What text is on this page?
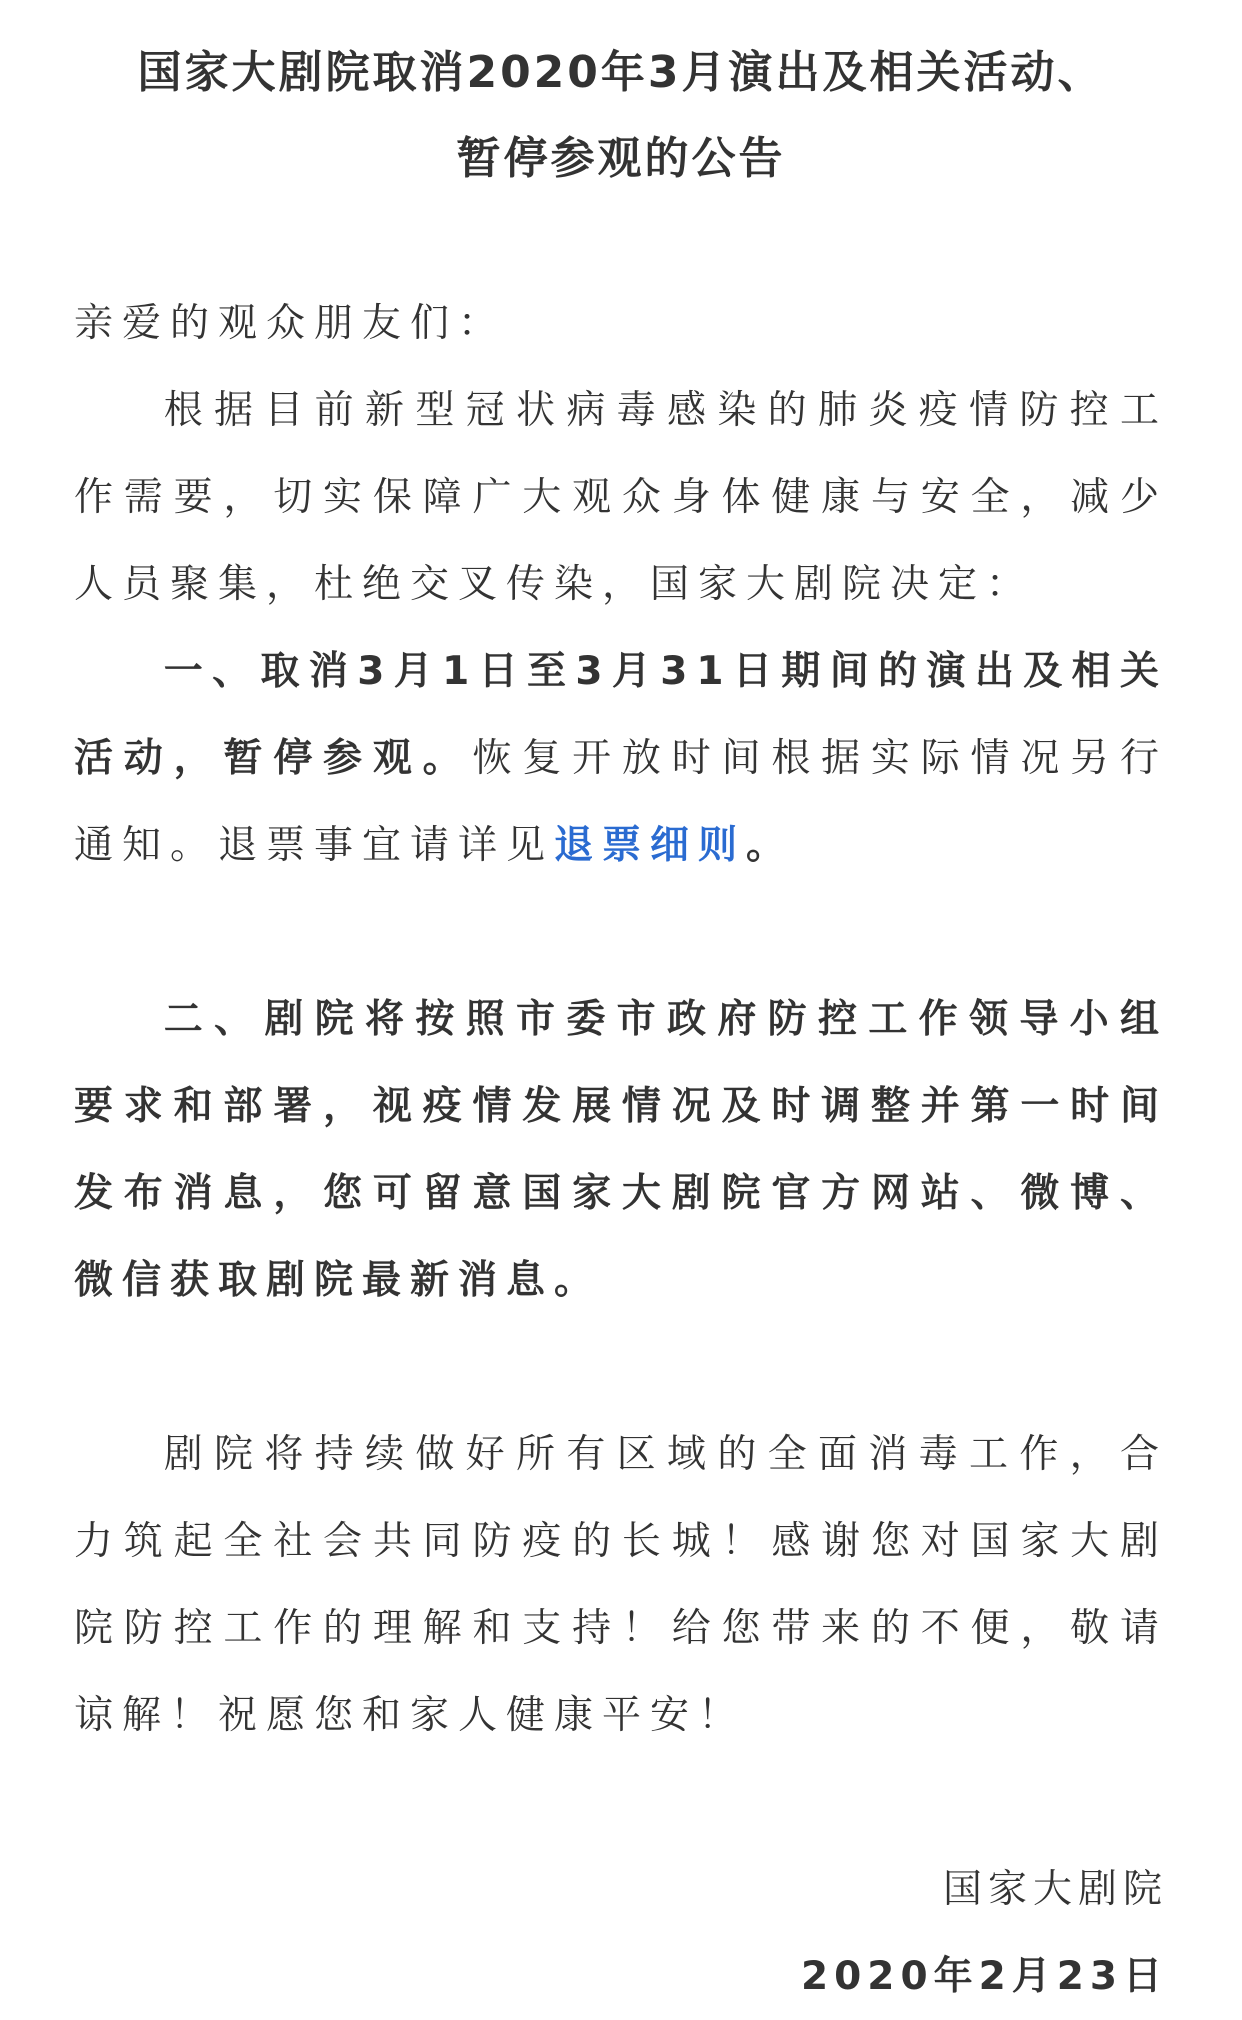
国家大剧院取消2020年3月演出及相关活动、
暂停参观的公告

亲爱的观众朋友们：

根据目前新型冠状病毒感染的肺炎疫情防控工作需要，切实保障广大观众身体健康与安全，减少人员聚集，杜绝交叉传染，国家大剧院决定：

一、取消3月1日至3月31日期间的演出及相关活动，暂停参观。恢复开放时间根据实际情况另行通知。退票事宜请详见退票细则。

二、剧院将按照市委市政府防控工作领导小组要求和部署，视疫情发展情况及时调整并第一时间发布消息，您可留意国家大剧院官方网站、微博、微信获取剧院最新消息。

剧院将持续做好所有区域的全面消毒工作，合力筑起全社会共同防疫的长城！感谢您对国家大剧院防控工作的理解和支持！给您带来的不便，敬请谅解！祝愿您和家人健康平安！

国家大剧院
2020年2月23日
